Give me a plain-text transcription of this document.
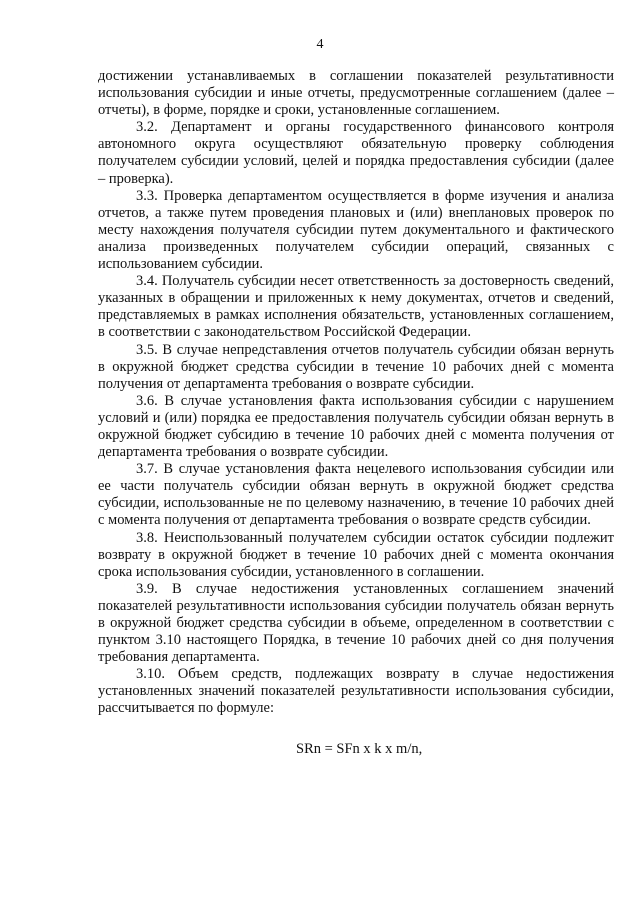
4

достижении устанавливаемых в соглашении показателей результативности использования субсидии и иные отчеты, предусмотренные соглашением (далее – отчеты), в форме, порядке и сроки, установленные соглашением.

3.2. Департамент и органы государственного финансового контроля автономного округа осуществляют обязательную проверку соблюдения получателем субсидии условий, целей и порядка предоставления субсидии (далее – проверка).

3.3. Проверка департаментом осуществляется в форме изучения и анализа отчетов, а также путем проведения плановых и (или) внеплановых проверок по месту нахождения получателя субсидии путем документального и фактического анализа произведенных получателем субсидии операций, связанных с использованием субсидии.

3.4. Получатель субсидии несет ответственность за достоверность сведений, указанных в обращении и приложенных к нему документах, отчетов и сведений, представляемых в рамках исполнения обязательств, установленных соглашением, в соответствии с законодательством Российской Федерации.

3.5. В случае непредставления отчетов получатель субсидии обязан вернуть в окружной бюджет средства субсидии в течение 10 рабочих дней с момента получения от департамента требования о возврате субсидии.

3.6. В случае установления факта использования субсидии с нарушением условий и (или) порядка ее предоставления получатель субсидии обязан вернуть в окружной бюджет субсидию в течение 10 рабочих дней с момента получения от департамента требования о возврате субсидии.

3.7. В случае установления факта нецелевого использования субсидии или ее части получатель субсидии обязан вернуть в окружной бюджет средства субсидии, использованные не по целевому назначению, в течение 10 рабочих дней с момента получения от департамента требования о возврате средств субсидии.

3.8. Неиспользованный получателем субсидии остаток субсидии подлежит возврату в окружной бюджет в течение 10 рабочих дней с момента окончания срока использования субсидии, установленного в соглашении.

3.9. В случае недостижения установленных соглашением значений показателей результативности использования субсидии получатель обязан вернуть в окружной бюджет средства субсидии в объеме, определенном в соответствии с пунктом 3.10 настоящего Порядка, в течение 10 рабочих дней со дня получения требования департамента.

3.10. Объем средств, подлежащих возврату в случае недостижения установленных значений показателей результативности использования субсидии, рассчитывается по формуле:

SRn = SFn x k x m/n,
